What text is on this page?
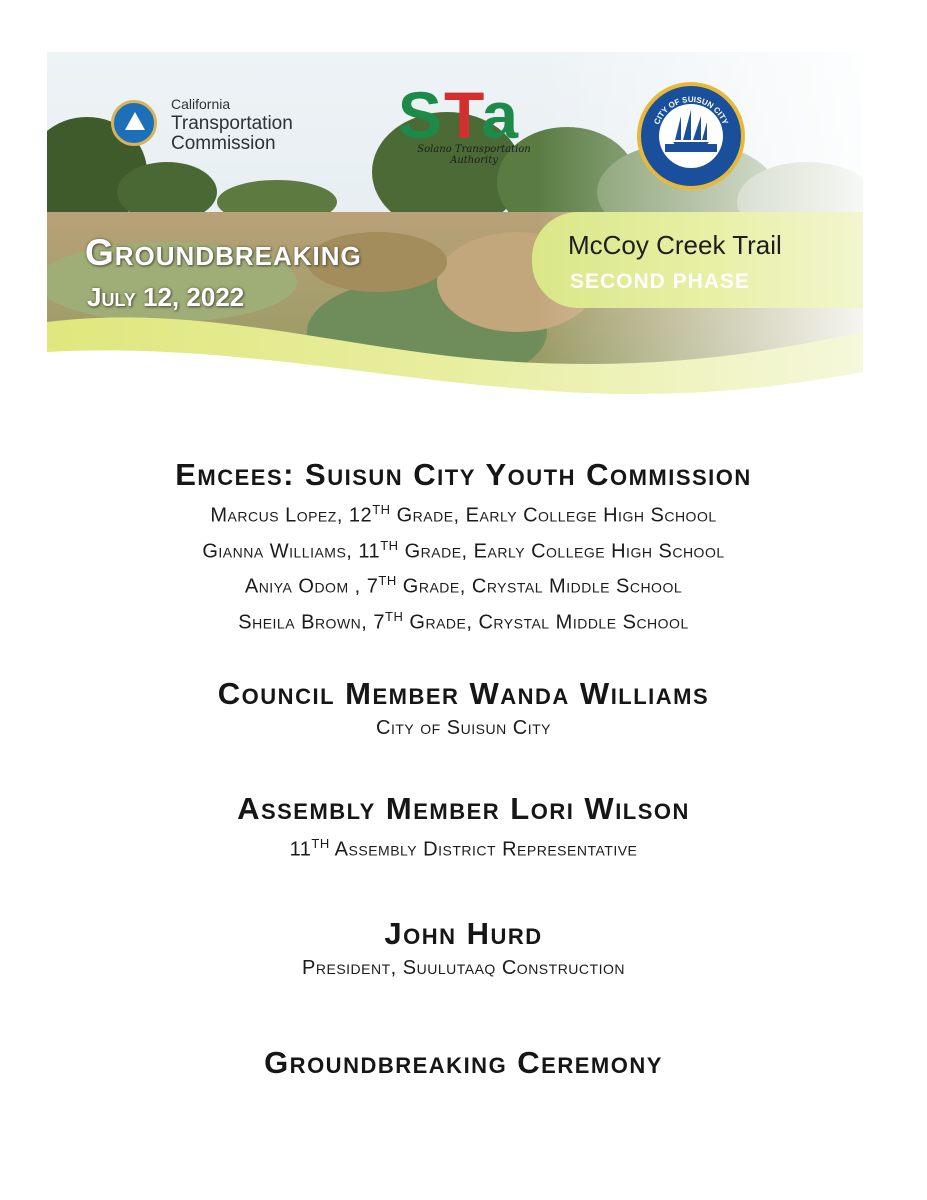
California
Transportation
Commission	STa
Solano Transportation Authority
CITY OF SUISUN CITY
CALIFORNIA
Groundbreaking
July 12, 2022
McCoy Creek Trail
SECOND PHASE

Emcees: Suisun City Youth Commission

Marcus Lopez, 12TH Grade, Early College High School

Gianna Williams, 11TH Grade, Early College High School

Aniya Odom , 7TH Grade, Crystal Middle School

Sheila Brown, 7TH Grade, Crystal Middle School

Council Member Wanda Williams

City of Suisun City

Assembly Member Lori Wilson

11TH Assembly District Representative

John Hurd

President, Suulutaaq Construction

Groundbreaking Ceremony
